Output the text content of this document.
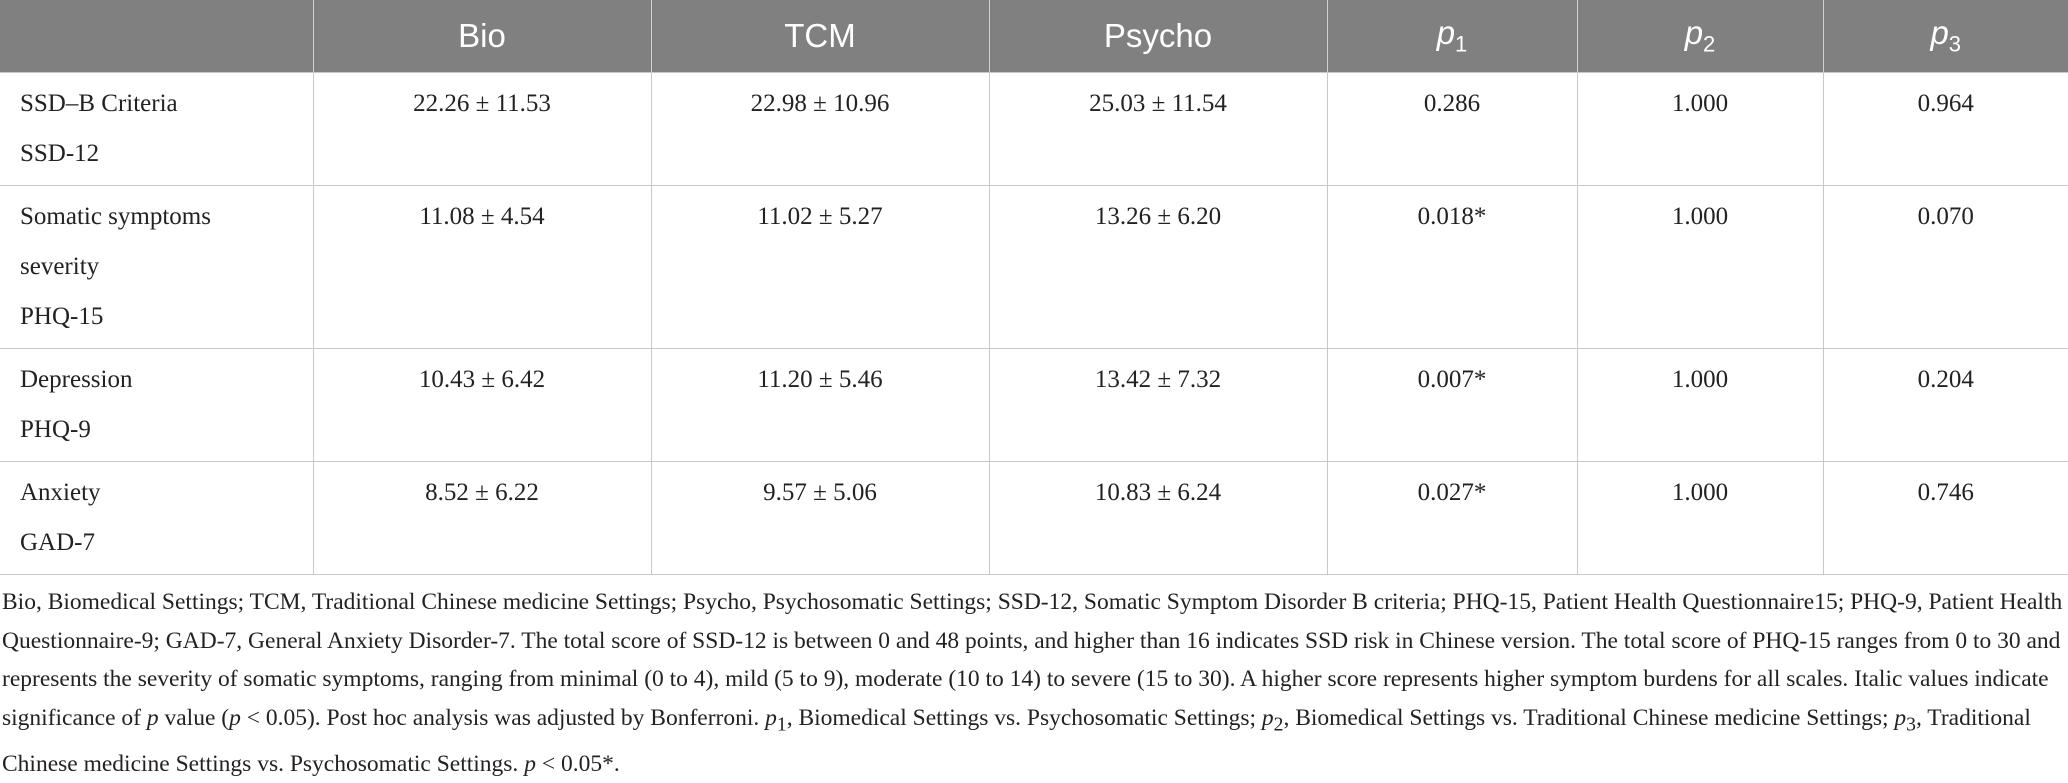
	Bio	TCM	Psycho	$p_1$	$p_2$	$p_3$

SSD–B Criteria
SSD-12	22.26 ± 11.53	22.98 ± 10.96	25.03 ± 11.54	0.286	1.000	0.964

Somatic symptoms
severity
PHQ-15	11.08 ± 4.54	11.02 ± 5.27	13.26 ± 6.20	0.018*	1.000	0.070

Depression
PHQ-9	10.43 ± 6.42	11.20 ± 5.46	13.42 ± 7.32	0.007*	1.000	0.204

Anxiety
GAD-7	8.52 ± 6.22	9.57 ± 5.06	10.83 ± 6.24	0.027*	1.000	0.746

Bio, Biomedical Settings; TCM, Traditional Chinese medicine Settings; Psycho, Psychosomatic Settings; SSD-12, Somatic Symptom Disorder B criteria; PHQ-15, Patient Health Questionnaire15; PHQ-9, Patient Health Questionnaire-9; GAD-7, General Anxiety Disorder-7. The total score of SSD-12 is between 0 and 48 points, and higher than 16 indicates SSD risk in Chinese version. The total score of PHQ-15 ranges from 0 to 30 and represents the severity of somatic symptoms, ranging from minimal (0 to 4), mild (5 to 9), moderate (10 to 14) to severe (15 to 30). A higher score represents higher symptom burdens for all scales. Italic values indicate significance of p value (p < 0.05). Post hoc analysis was adjusted by Bonferroni. $p_1$, Biomedical Settings vs. Psychosomatic Settings; $p_2$, Biomedical Settings vs. Traditional Chinese medicine Settings; $p_3$, Traditional Chinese medicine Settings vs. Psychosomatic Settings. p < 0.05*.
